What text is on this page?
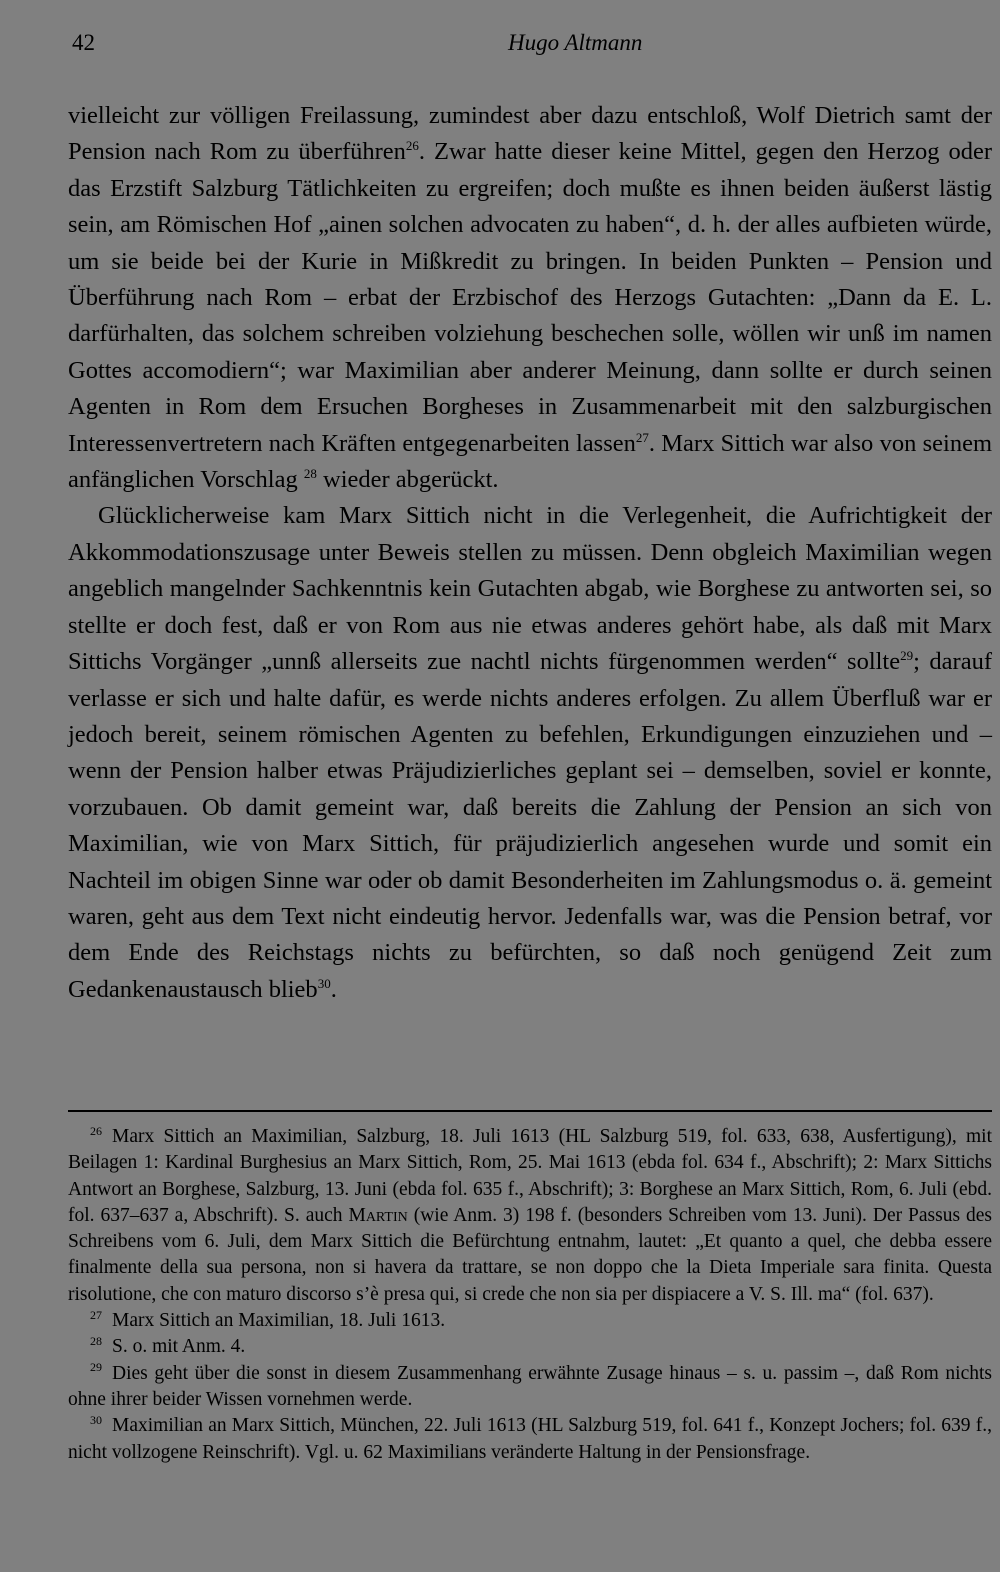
42	Hugo Altmann

vielleicht zur völligen Freilassung, zumindest aber dazu entschloß, Wolf Dietrich samt der Pension nach Rom zu überführen$^{26}$. Zwar hatte dieser keine Mittel, gegen den Herzog oder das Erzstift Salzburg Tätlichkeiten zu ergreifen; doch mußte es ihnen beiden äußerst lästig sein, am Römischen Hof „ainen solchen advocaten zu haben“, d. h. der alles aufbieten würde, um sie beide bei der Kurie in Mißkredit zu bringen. In beiden Punkten – Pension und Überführung nach Rom – erbat der Erzbischof des Herzogs Gutachten: „Dann da E. L. darfürhalten, das solchem schreiben volziehung beschechen solle, wöllen wir unß im namen Gottes accomodiern“; war Maximilian aber anderer Meinung, dann sollte er durch seinen Agenten in Rom dem Ersuchen Borgheses in Zusammenarbeit mit den salzburgischen Interessenvertretern nach Kräften entgegenarbeiten lassen$^{27}$. Marx Sittich war also von seinem anfänglichen Vorschlag $^{28}$ wieder abgerückt.

Glücklicherweise kam Marx Sittich nicht in die Verlegenheit, die Aufrichtigkeit der Akkommodationszusage unter Beweis stellen zu müssen. Denn obgleich Maximilian wegen angeblich mangelnder Sachkenntnis kein Gutachten abgab, wie Borghese zu antworten sei, so stellte er doch fest, daß er von Rom aus nie etwas anderes gehört habe, als daß mit Marx Sittichs Vorgänger „unnß allerseits zue nachtl nichts fürgenommen werden“ sollte$^{29}$; darauf verlasse er sich und halte dafür, es werde nichts anderes erfolgen. Zu allem Überfluß war er jedoch bereit, seinem römischen Agenten zu befehlen, Erkundigungen einzuziehen und – wenn der Pension halber etwas Präjudizierliches geplant sei – demselben, soviel er konnte, vorzubauen. Ob damit gemeint war, daß bereits die Zahlung der Pension an sich von Maximilian, wie von Marx Sittich, für präjudizierlich angesehen wurde und somit ein Nachteil im obigen Sinne war oder ob damit Besonderheiten im Zahlungsmodus o. ä. gemeint waren, geht aus dem Text nicht eindeutig hervor. Jedenfalls war, was die Pension betraf, vor dem Ende des Reichstags nichts zu befürchten, so daß noch genügend Zeit zum Gedankenaustausch blieb$^{30}$.

$^{26}$ Marx Sittich an Maximilian, Salzburg, 18. Juli 1613 (HL Salzburg 519, fol. 633, 638, Ausfertigung), mit Beilagen 1: Kardinal Burghesius an Marx Sittich, Rom, 25. Mai 1613 (ebda fol. 634 f., Abschrift); 2: Marx Sittichs Antwort an Borghese, Salzburg, 13. Juni (ebda fol. 635 f., Abschrift); 3: Borghese an Marx Sittich, Rom, 6. Juli (ebd. fol. 637–637 a, Abschrift). S. auch Martin (wie Anm. 3) 198 f. (besonders Schreiben vom 13. Juni). Der Passus des Schreibens vom 6. Juli, dem Marx Sittich die Befürchtung entnahm, lautet: „Et quanto a quel, che debba essere finalmente della sua persona, non si havera da trattare, se non doppo che la Dieta Imperiale sara finita. Questa risolutione, che con maturo discorso s’è presa qui, si crede che non sia per dispiacere a V. S. Ill. ma“ (fol. 637).

$^{27}$ Marx Sittich an Maximilian, 18. Juli 1613.

$^{28}$ S. o. mit Anm. 4.

$^{29}$ Dies geht über die sonst in diesem Zusammenhang erwähnte Zusage hinaus – s. u. passim –, daß Rom nichts ohne ihrer beider Wissen vornehmen werde.

$^{30}$ Maximilian an Marx Sittich, München, 22. Juli 1613 (HL Salzburg 519, fol. 641 f., Konzept Jochers; fol. 639 f., nicht vollzogene Reinschrift). Vgl. u. 62 Maximilians veränderte Haltung in der Pensionsfrage.
